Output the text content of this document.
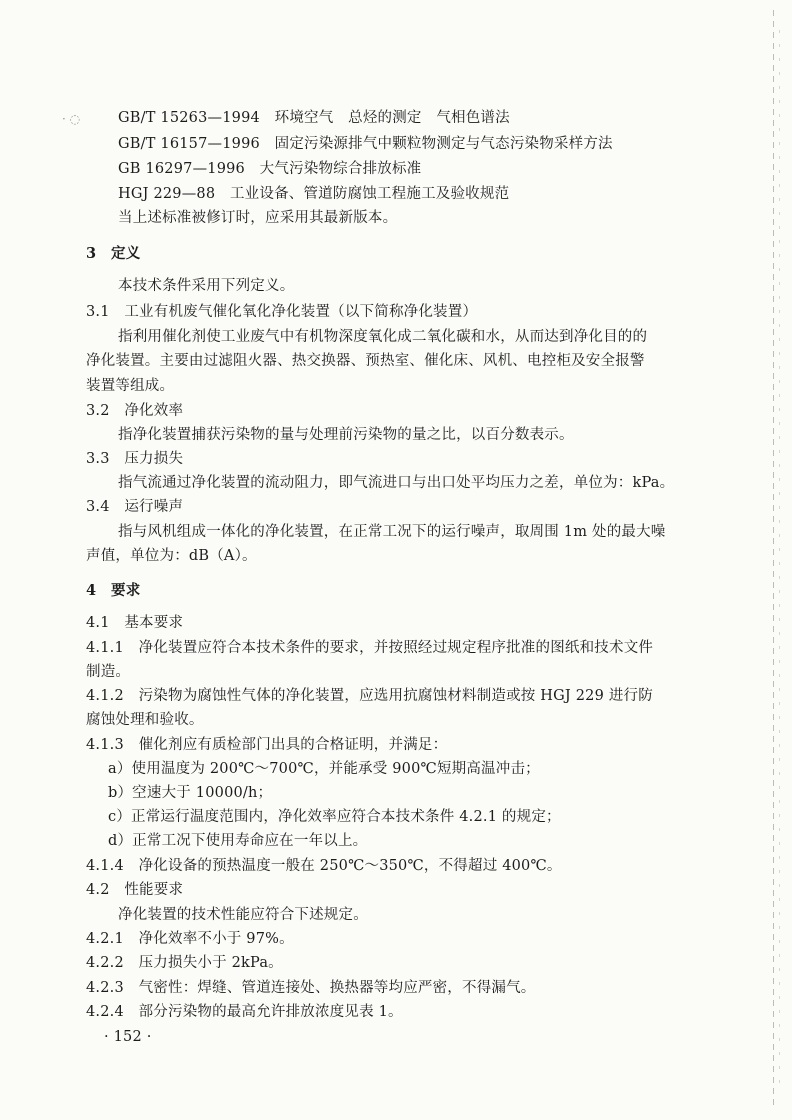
· ◌	GB/T 15263—1994　环境空气　总烃的测定　气相色谱法
GB/T 16157—1996　固定污染源排气中颗粒物测定与气态污染物采样方法
GB 16297—1996　大气污染物综合排放标准
HGJ 229—88　工业设备、管道防腐蚀工程施工及验收规范
当上述标准被修订时，应采用其最新版本。
3　定义
本技术条件采用下列定义。
3.1　工业有机废气催化氧化净化装置（以下简称净化装置）
指利用催化剂使工业废气中有机物深度氧化成二氧化碳和水，从而达到净化目的的
净化装置。主要由过滤阻火器、热交换器、预热室、催化床、风机、电控柜及安全报警
装置等组成。
3.2　净化效率
指净化装置捕获污染物的量与处理前污染物的量之比，以百分数表示。
3.3　压力损失
指气流通过净化装置的流动阻力，即气流进口与出口处平均压力之差，单位为：kPa。
3.4　运行噪声
指与风机组成一体化的净化装置，在正常工况下的运行噪声，取周围 1m 处的最大噪
声值，单位为：dB（A）。
4　要求
4.1　基本要求
4.1.1　净化装置应符合本技术条件的要求，并按照经过规定程序批准的图纸和技术文件
制造。
4.1.2　污染物为腐蚀性气体的净化装置，应选用抗腐蚀材料制造或按 HGJ 229 进行防
腐蚀处理和验收。
4.1.3　催化剂应有质检部门出具的合格证明，并满足：
a）使用温度为 200℃～700℃，并能承受 900℃短期高温冲击；
b）空速大于 10000/h；
c）正常运行温度范围内，净化效率应符合本技术条件 4.2.1 的规定；
d）正常工况下使用寿命应在一年以上。
4.1.4　净化设备的预热温度一般在 250℃～350℃，不得超过 400℃。
4.2　性能要求
净化装置的技术性能应符合下述规定。
4.2.1　净化效率不小于 97%。
4.2.2　压力损失小于 2kPa。
4.2.3　气密性：焊缝、管道连接处、换热器等均应严密，不得漏气。
4.2.4　部分污染物的最高允许排放浓度见表 1。
· 152 ·
